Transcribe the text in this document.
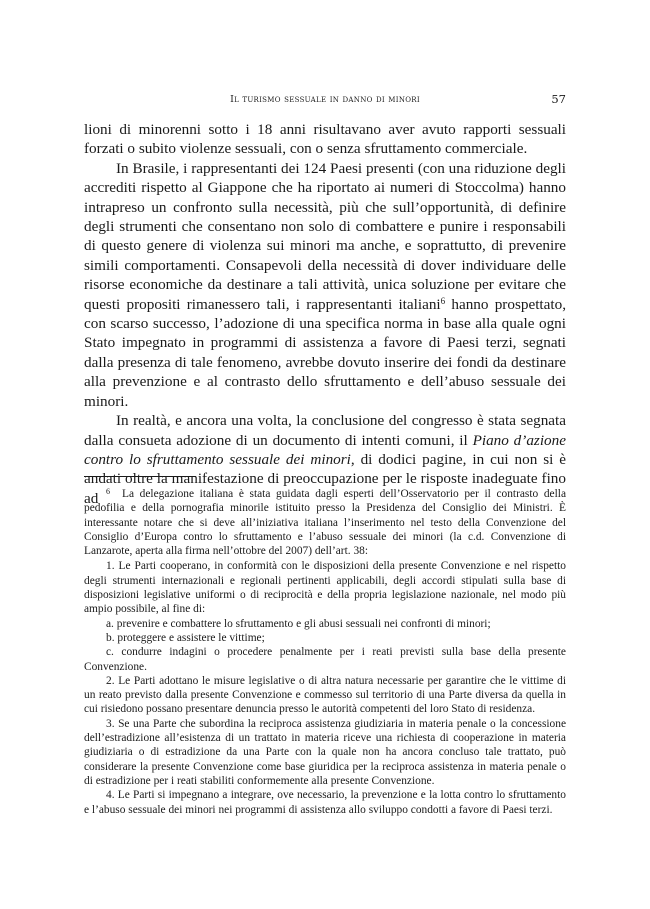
Il turismo sessuale in danno di minori	57

lioni di minorenni sotto i 18 anni risultavano aver avuto rapporti sessuali forzati o subito violenze sessuali, con o senza sfruttamento commerciale.

In Brasile, i rappresentanti dei 124 Paesi presenti (con una riduzione degli accrediti rispetto al Giappone che ha riportato ai numeri di Stoccolma) hanno intrapreso un confronto sulla necessità, più che sull’opportunità, di definire degli strumenti che consentano non solo di combattere e punire i responsabili di questo genere di violenza sui minori ma anche, e soprattutto, di prevenire simili comportamenti. Consapevoli della necessità di dover individuare delle risorse economiche da destinare a tali attività, unica soluzione per evitare che questi propositi rimanessero tali, i rappresentanti italiani$^6$ hanno prospettato, con scarso successo, l’adozione di una specifica norma in base alla quale ogni Stato impegnato in programmi di assistenza a favore di Paesi terzi, segnati dalla presenza di tale fenomeno, avrebbe dovuto inserire dei fondi da destinare alla prevenzione e al contrasto dello sfruttamento e dell’abuso sessuale dei minori.

In realtà, e ancora una volta, la conclusione del congresso è stata segnata dalla consueta adozione di un documento di intenti comuni, il Piano d’azione contro lo sfruttamento sessuale dei minori, di dodici pagine, in cui non si è andati oltre la manifestazione di preoccupazione per le risposte inadeguate fino ad $^6$ La delegazione italiana è stata guidata dagli esperti dell’Osservatorio per il contrasto della pedofilia e della pornografia minorile istituito presso la Presidenza del Consiglio dei Ministri. È interessante notare che si deve all’iniziativa italiana l’inserimento nel testo della Convenzione del Consiglio d’Europa contro lo sfruttamento e l’abuso sessuale dei minori (la c.d. Convenzione di Lanzarote, aperta alla firma nell’ottobre del 2007) dell’art. 38:

1. Le Parti cooperano, in conformità con le disposizioni della presente Convenzione e nel rispetto degli strumenti internazionali e regionali pertinenti applicabili, degli accordi stipulati sulla base di disposizioni legislative uniformi o di reciprocità e della propria legislazione nazionale, nel modo più ampio possibile, al fine di:

a. prevenire e combattere lo sfruttamento e gli abusi sessuali nei confronti di minori;

b. proteggere e assistere le vittime;

c. condurre indagini o procedere penalmente per i reati previsti sulla base della presente Convenzione.

2. Le Parti adottano le misure legislative o di altra natura necessarie per garantire che le vittime di un reato previsto dalla presente Convenzione e commesso sul territorio di una Parte diversa da quella in cui risiedono possano presentare denuncia presso le autorità competenti del loro Stato di residenza.

3. Se una Parte che subordina la reciproca assistenza giudiziaria in materia penale o la concessione dell’estradizione all’esistenza di un trattato in materia riceve una richiesta di cooperazione in materia giudiziaria o di estradizione da una Parte con la quale non ha ancora concluso tale trattato, può considerare la presente Convenzione come base giuridica per la reciproca assistenza in materia penale o di estradizione per i reati stabiliti conformemente alla presente Convenzione.

4. Le Parti si impegnano a integrare, ove necessario, la prevenzione e la lotta contro lo sfruttamento e l’abuso sessuale dei minori nei programmi di assistenza allo sviluppo condotti a favore di Paesi terzi.
